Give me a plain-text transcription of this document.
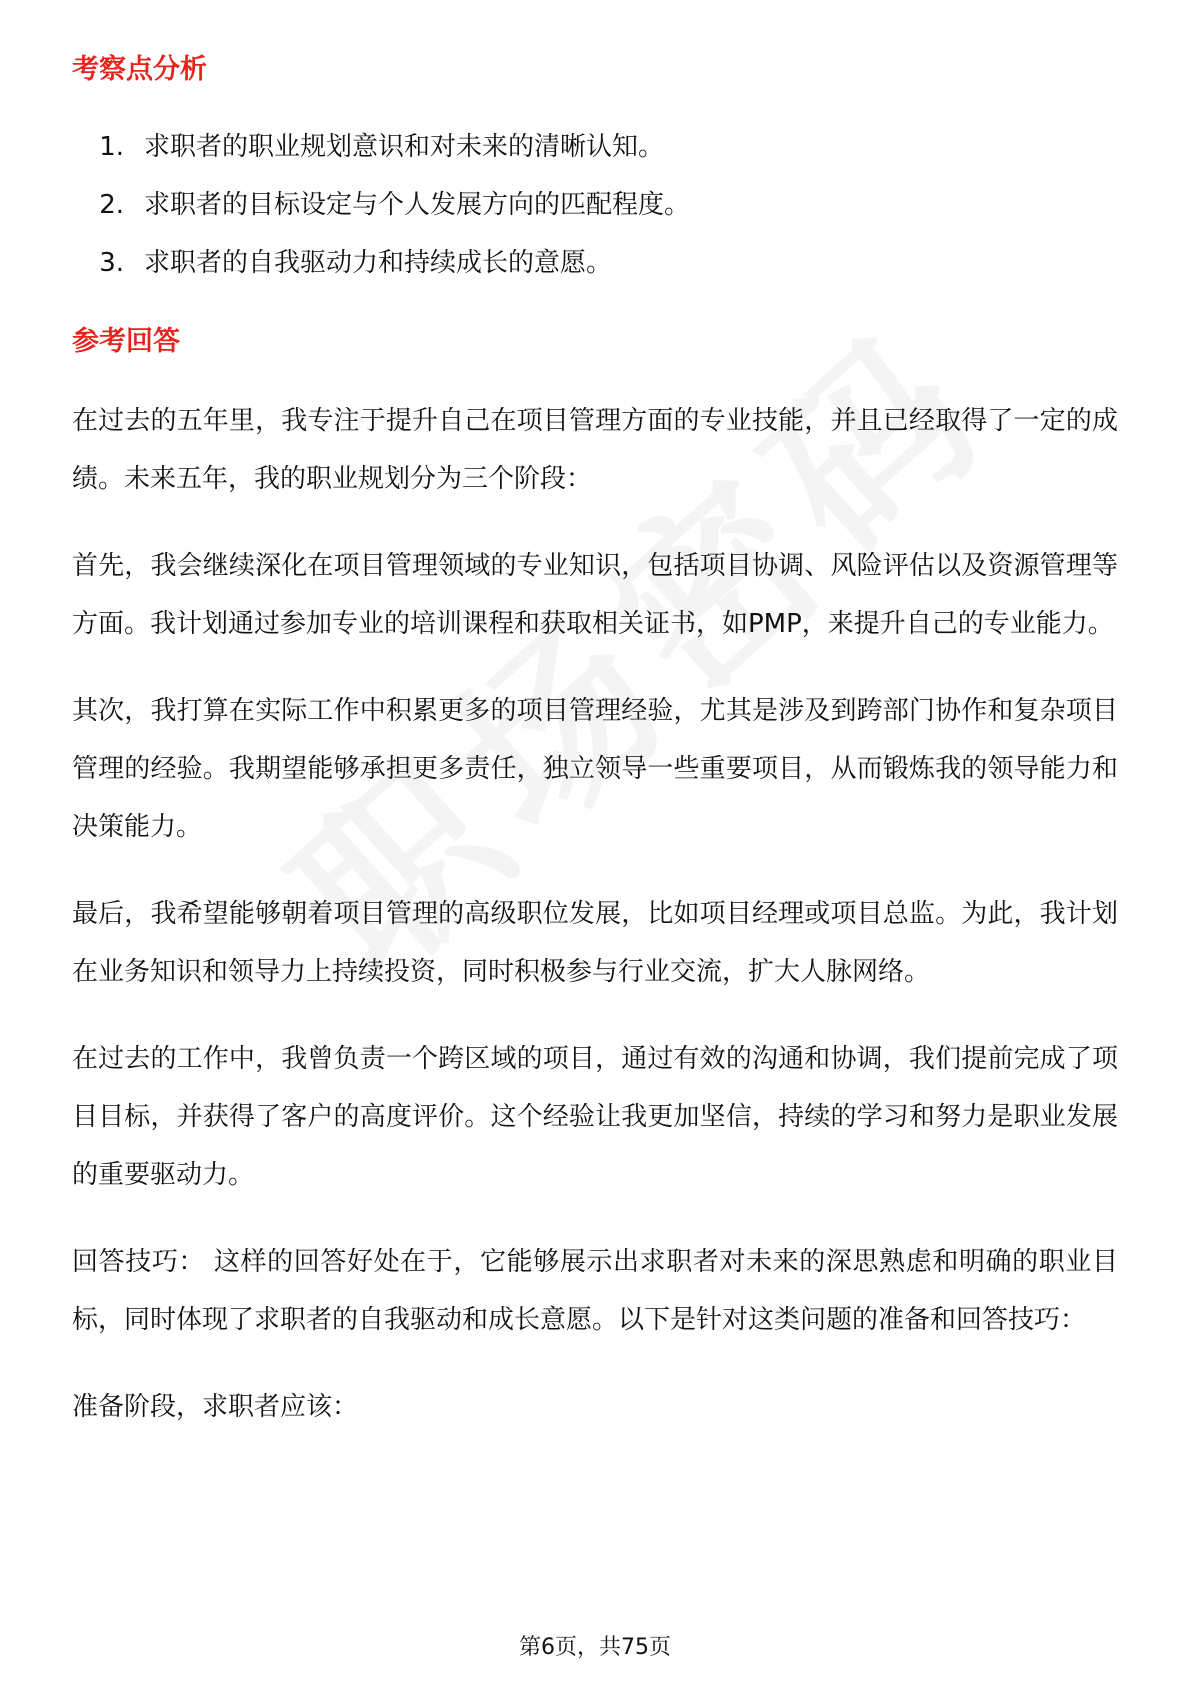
考察点分析
1. 求职者的职业规划意识和对未来的清晰认知。
2. 求职者的目标设定与个人发展方向的匹配程度。
3. 求职者的自我驱动力和持续成长的意愿。
参考回答

在过去的五年里，我专注于提升自己在项目管理方面的专业技能，并且已经取得了一定的成绩。未来五年，我的职业规划分为三个阶段：

首先，我会继续深化在项目管理领域的专业知识，包括项目协调、风险评估以及资源管理等方面。我计划通过参加专业的培训课程和获取相关证书，如PMP，来提升自己的专业能力。

其次，我打算在实际工作中积累更多的项目管理经验，尤其是涉及到跨部门协作和复杂项目管理的经验。我期望能够承担更多责任，独立领导一些重要项目，从而锻炼我的领导能力和决策能力。

最后，我希望能够朝着项目管理的高级职位发展，比如项目经理或项目总监。为此，我计划在业务知识和领导力上持续投资，同时积极参与行业交流，扩大人脉网络。

在过去的工作中，我曾负责一个跨区域的项目，通过有效的沟通和协调，我们提前完成了项目目标，并获得了客户的高度评价。这个经验让我更加坚信，持续的学习和努力是职业发展的重要驱动力。

回答技巧： 这样的回答好处在于，它能够展示出求职者对未来的深思熟虑和明确的职业目标，同时体现了求职者的自我驱动和成长意愿。以下是针对这类问题的准备和回答技巧：

准备阶段，求职者应该：

第6页，共75页
